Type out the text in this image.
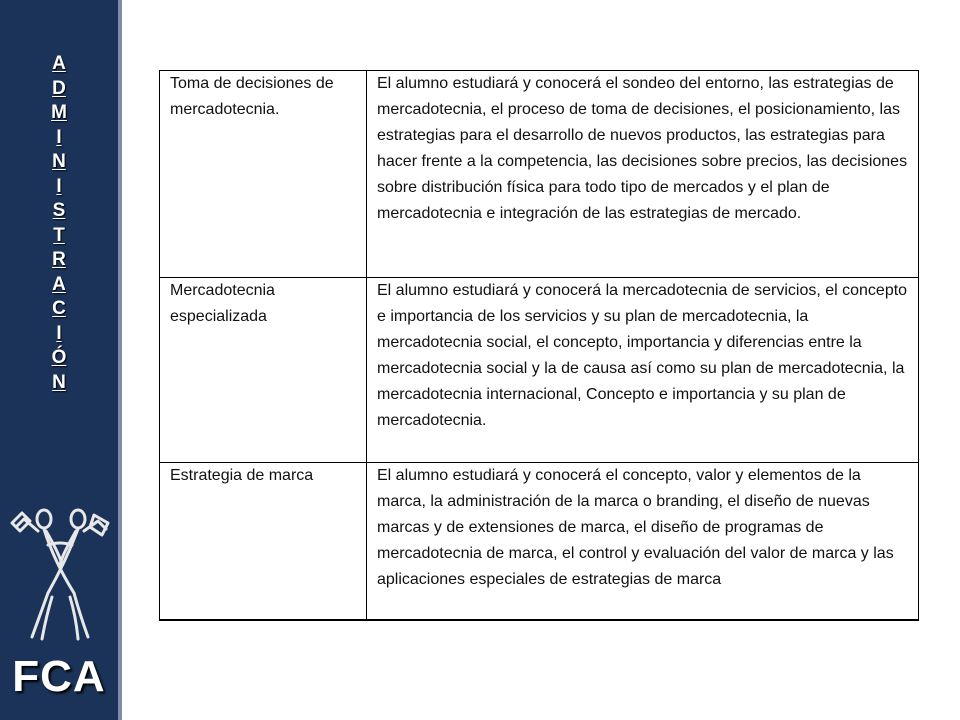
A
D
M
I
N
I
S
T
R
A
C
I
Ó
N
FCA
Toma de decisiones de mercadotecnia.	El alumno estudiará y conocerá el sondeo del entorno, las estrategias de mercadotecnia, el proceso de toma de decisiones, el posicionamiento, las estrategias para el desarrollo de nuevos productos, las estrategias para hacer frente a la competencia, las decisiones sobre precios, las decisiones sobre distribución física para todo tipo de mercados y el plan de mercadotecnia e integración de las estrategias de mercado.
Mercadotecnia especializada	El alumno estudiará y conocerá la mercadotecnia de servicios, el concepto e importancia de los servicios y su plan de mercadotecnia, la mercadotecnia social, el concepto, importancia y diferencias entre la mercadotecnia social y la de causa así como su plan de mercadotecnia, la mercadotecnia internacional, Concepto e importancia y su plan de mercadotecnia.
Estrategia de marca	El alumno estudiará y conocerá el concepto, valor y elementos de la marca, la administración de la marca o branding, el diseño de nuevas marcas y de extensiones de marca, el diseño de programas de mercadotecnia de marca, el control y evaluación del valor de marca y las aplicaciones especiales de estrategias de marca
